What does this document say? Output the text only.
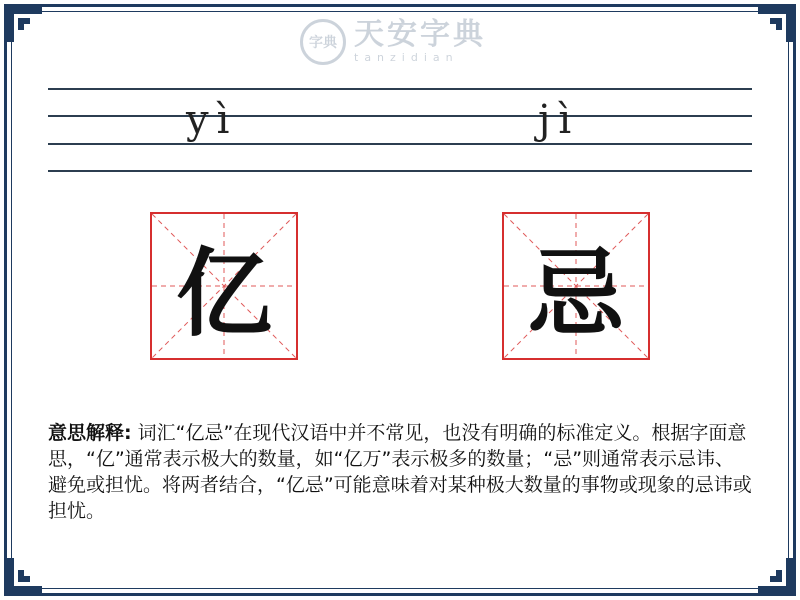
字典 天安字典
tanzidian
yì	jì
亿	忌
意思解释: 词汇“亿忌”在现代汉语中并不常见，也没有明确的标准定义。根据字面意思，“亿”通常表示极大的数量，如“亿万”表示极多的数量；“忌”则通常表示忌讳、避免或担忧。将两者结合，“亿忌”可能意味着对某种极大数量的事物或现象的忌讳或担忧。
